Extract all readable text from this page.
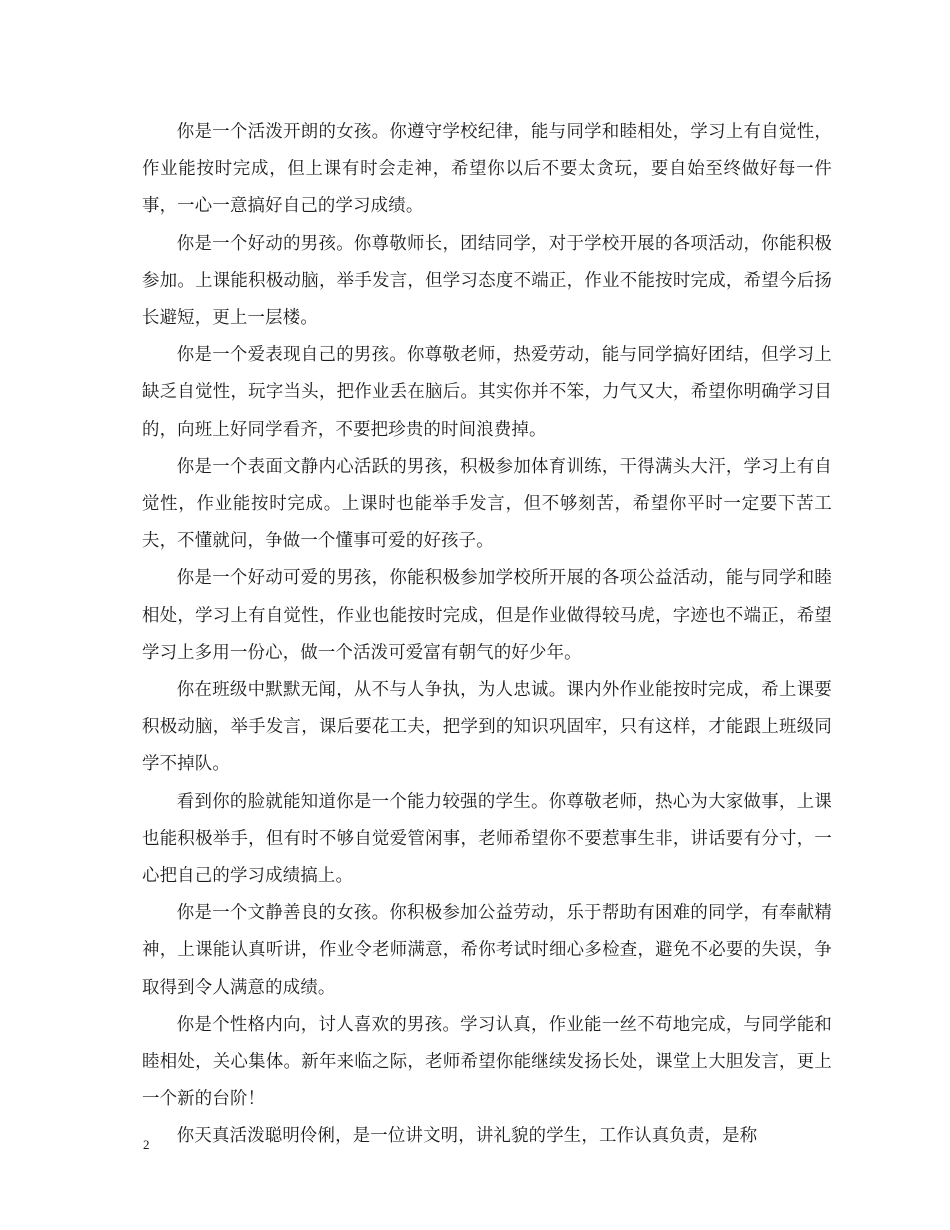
你是一个活泼开朗的女孩。你遵守学校纪律，能与同学和睦相处，学习上有自觉性，作业能按时完成，但上课有时会走神，希望你以后不要太贪玩，要自始至终做好每一件事，一心一意搞好自己的学习成绩。

你是一个好动的男孩。你尊敬师长，团结同学，对于学校开展的各项活动，你能积极参加。上课能积极动脑，举手发言，但学习态度不端正，作业不能按时完成，希望今后扬长避短，更上一层楼。

你是一个爱表现自己的男孩。你尊敬老师，热爱劳动，能与同学搞好团结，但学习上缺乏自觉性，玩字当头，把作业丢在脑后。其实你并不笨，力气又大，希望你明确学习目的，向班上好同学看齐，不要把珍贵的时间浪费掉。

你是一个表面文静内心活跃的男孩，积极参加体育训练，干得满头大汗，学习上有自觉性，作业能按时完成。上课时也能举手发言，但不够刻苦，希望你平时一定要下苦工夫，不懂就问，争做一个懂事可爱的好孩子。

你是一个好动可爱的男孩，你能积极参加学校所开展的各项公益活动，能与同学和睦相处，学习上有自觉性，作业也能按时完成，但是作业做得较马虎，字迹也不端正，希望学习上多用一份心，做一个活泼可爱富有朝气的好少年。

你在班级中默默无闻，从不与人争执，为人忠诚。课内外作业能按时完成，希上课要积极动脑，举手发言，课后要花工夫，把学到的知识巩固牢，只有这样，才能跟上班级同学不掉队。

看到你的脸就能知道你是一个能力较强的学生。你尊敬老师，热心为大家做事，上课也能积极举手，但有时不够自觉爱管闲事，老师希望你不要惹事生非，讲话要有分寸，一心把自己的学习成绩搞上。

你是一个文静善良的女孩。你积极参加公益劳动，乐于帮助有困难的同学，有奉献精神，上课能认真听讲，作业令老师满意，希你考试时细心多检查，避免不必要的失误，争取得到令人满意的成绩。

你是个性格内向，讨人喜欢的男孩。学习认真，作业能一丝不苟地完成，与同学能和睦相处，关心集体。新年来临之际，老师希望你能继续发扬长处，课堂上大胆发言，更上一个新的台阶！

你天真活泼聪明伶俐，是一位讲文明，讲礼貌的学生，工作认真负责，是称

2
